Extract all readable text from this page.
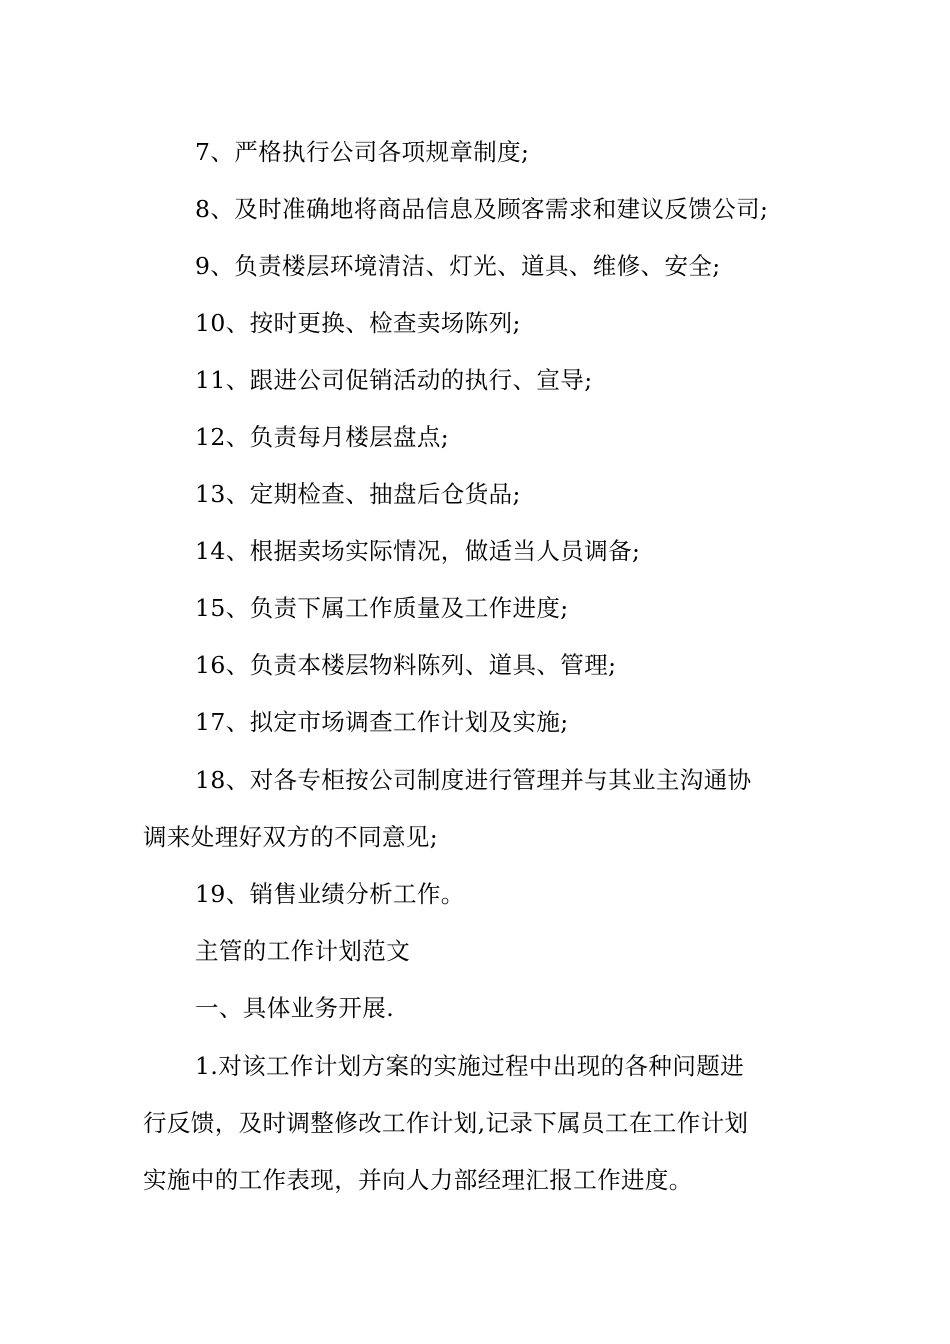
7、严格执行公司各项规章制度;
8、及时准确地将商品信息及顾客需求和建议反馈公司;
9、负责楼层环境清洁、灯光、道具、维修、安全;
10、按时更换、检查卖场陈列;
11、跟进公司促销活动的执行、宣导;
12、负责每月楼层盘点;
13、定期检查、抽盘后仓货品;
14、根据卖场实际情况，做适当人员调备;
15、负责下属工作质量及工作进度;
16、负责本楼层物料陈列、道具、管理;
17、拟定市场调查工作计划及实施;
18、对各专柜按公司制度进行管理并与其业主沟通协
调来处理好双方的不同意见;
19、销售业绩分析工作。
主管的工作计划范文
一、具体业务开展.
1.对该工作计划方案的实施过程中出现的各种问题进
行反馈，及时调整修改工作计划,记录下属员工在工作计划
实施中的工作表现，并向人力部经理汇报工作进度。
